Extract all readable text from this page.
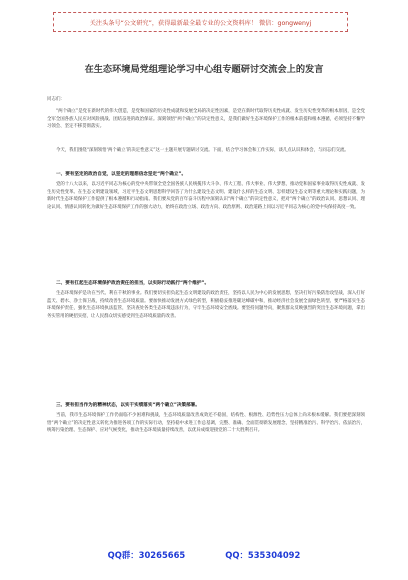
关注头条号“公文研究”，获得最新最全最专业的公文资料库！ 微信：gongwenyj
在生态环境局党组理论学习中心组专题研讨交流会上的发言
同志们：

“两个确立”是党在新时代的伟大创造，是党和国家的历史性成就和发展全局的决定性因素，是党在新时代取得历史性成就、发生历史性变革的根本原因，是全党全军全国各族人民应对风险挑战、团结奋进的政治保证。深刻领悟“两个确立”的决定性意义，是我们做好生态环境保护工作的根本前提和根本遵循，必须坚持不懈学习领会、坚定不移贯彻落实。

今天，我们围绕“深刻领悟‘两个确立’的决定性意义”这一主题开展专题研讨交流。下面，结合学习体会和工作实际，谈几点认识和体会，与同志们交流。

一、要有坚定的政治自觉，以坚定的理想信念坚定“两个确立”。

党的十八大以来，以习近平同志为核心的党中央带领全党全国各族人民统揽伟大斗争、伟大工程、伟大事业、伟大梦想，推动党和国家事业取得历史性成就、发生历史性变革。在生态文明建设领域，习近平生态文明思想科学回答了为什么建设生态文明、建设什么样的生态文明、怎样建设生态文明等重大理论和实践问题，为新时代生态环境保护工作提供了根本遵循和行动指南。我们要从党的百年奋斗历程中深刻认识“两个确立”的决定性意义，把对“两个确立”的政治认同、思想认同、理论认同、情感认同转化为做好生态环境保护工作的强大动力，始终在政治立场、政治方向、政治原则、政治道路上同以习近平同志为核心的党中央保持高度一致。

二、要有扛起生态环境保护政治责任的担当，以实际行动践行“两个维护”。

生态环境保护是功在当代、利在千秋的事业。我们要切实担负起生态文明建设的政治责任，坚持以人民为中心的发展思想，坚决打好污染防治攻坚战，深入打好蓝天、碧水、净土保卫战，持续改善生态环境质量。要加快推动发展方式绿色转型，积极稳妥推进碳达峰碳中和，推动经济社会发展全面绿色转型。要严格落实生态环境保护责任，强化生态环境执法监管，坚决查处各类生态环境违法行为，守牢生态环境安全底线。要坚持问题导向，聚焦群众反映强烈的突出生态环境问题，拿出务实管用的硬招实招，让人民群众切实感受到生态环境质量的改善。

三、要有担当作为的精神状态，以实干实绩落实“两个确立”决策部署。

当前，我市生态环境保护工作仍面临不少困难和挑战，生态环境质量改善成效还不稳固，结构性、根源性、趋势性压力总体上尚未根本缓解。我们要把深刻领悟“两个确立”的决定性意义转化为推进各项工作的实际行动，坚持稳中求进工作总基调，完整、准确、全面贯彻新发展理念，坚持精准治污、科学治污、依法治污，统筹污染治理、生态保护、应对气候变化，推动生态环境质量持续改善，以优异成绩迎接党的二十大胜利召开。

QQ群：30265665	QQ：535304092
